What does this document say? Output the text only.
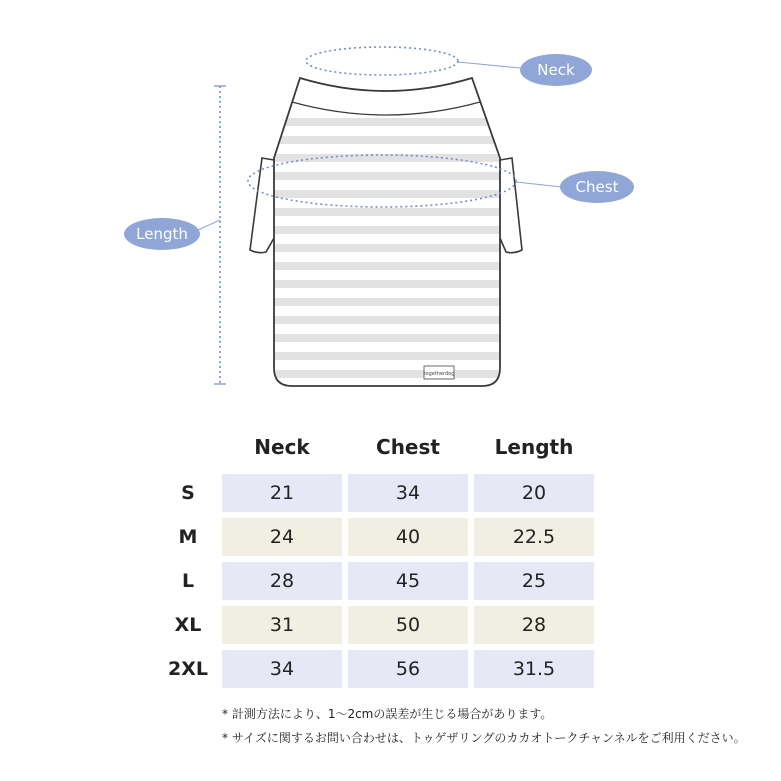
togetherdog
Neck
Chest
Length
Neck	Chest	Length
S	21	34	20
M	24	40	22.5
L	28	45	25
XL	31	50	28
2XL	34	56	31.5
* 計測方法により、1〜2cmの誤差が生じる場合があります。
* サイズに関するお問い合わせは、トゥゲザリングのカカオトークチャンネルをご利用ください。
